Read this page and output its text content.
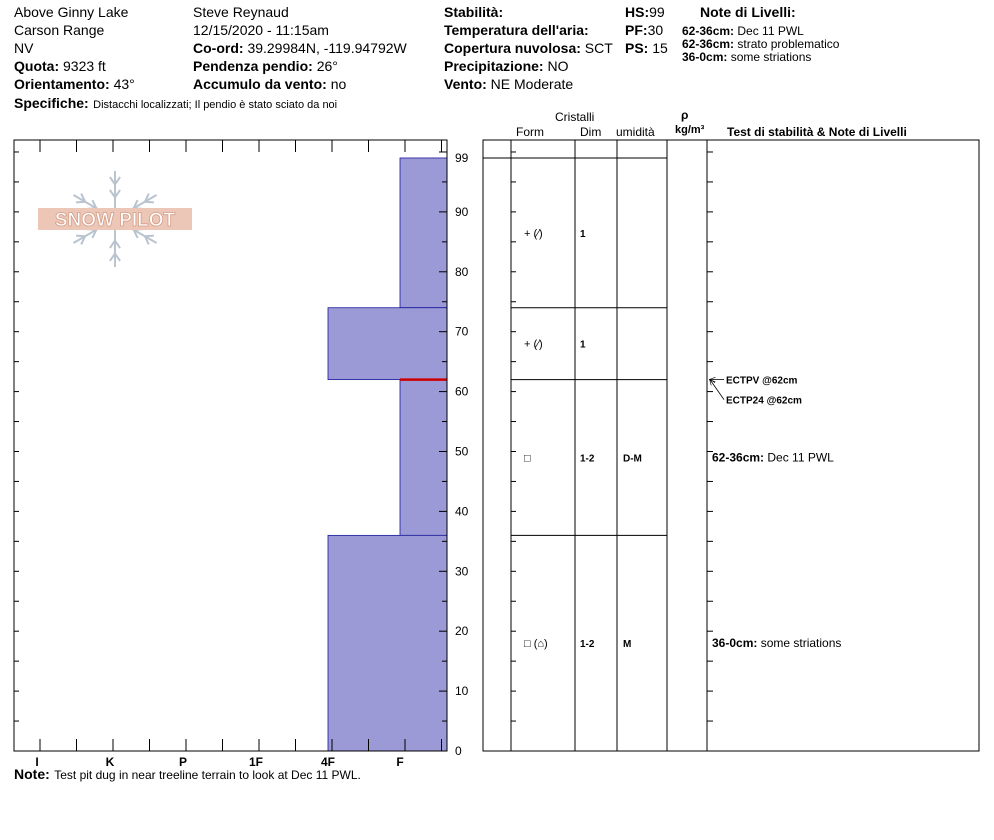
Above Ginny Lake
Carson Range
NV
Quota: 9323 ft
Orientamento: 43°
Specifiche: Distacchi localizzati; Il pendio è stato sciato da noi
Steve Reynaud
12/15/2020 - 11:15am
Co-ord: 39.29984N, -119.94792W
Pendenza pendio: 26°
Accumulo da vento: no
Stabilità:
Temperatura dell'aria:
Copertura nuvolosa: SCT
Precipitazione: NO
Vento: NE Moderate
HS:99
PF:30
PS: 15
Note di Livelli:
62-36cm: Dec 11 PWL
62-36cm: strato problematico
36-0cm: some striations
Cristalli
Form	Dim umidità
ρ
kg/m³ Test di stabilità & Note di Livelli
SNOW PILOT
0
10
20
30
40
50
60
70
80
90
99
I	K	P	1F	4F	F
+ (⁄)	1
+ (⁄)	1
□	1-2	D-M
□ (⌂)	1-2	M
ECTPV @62cm
ECTP24 @62cm
62-36cm: Dec 11 PWL
36-0cm: some striations
Note: Test pit dug in near treeline terrain to look at Dec 11 PWL.
